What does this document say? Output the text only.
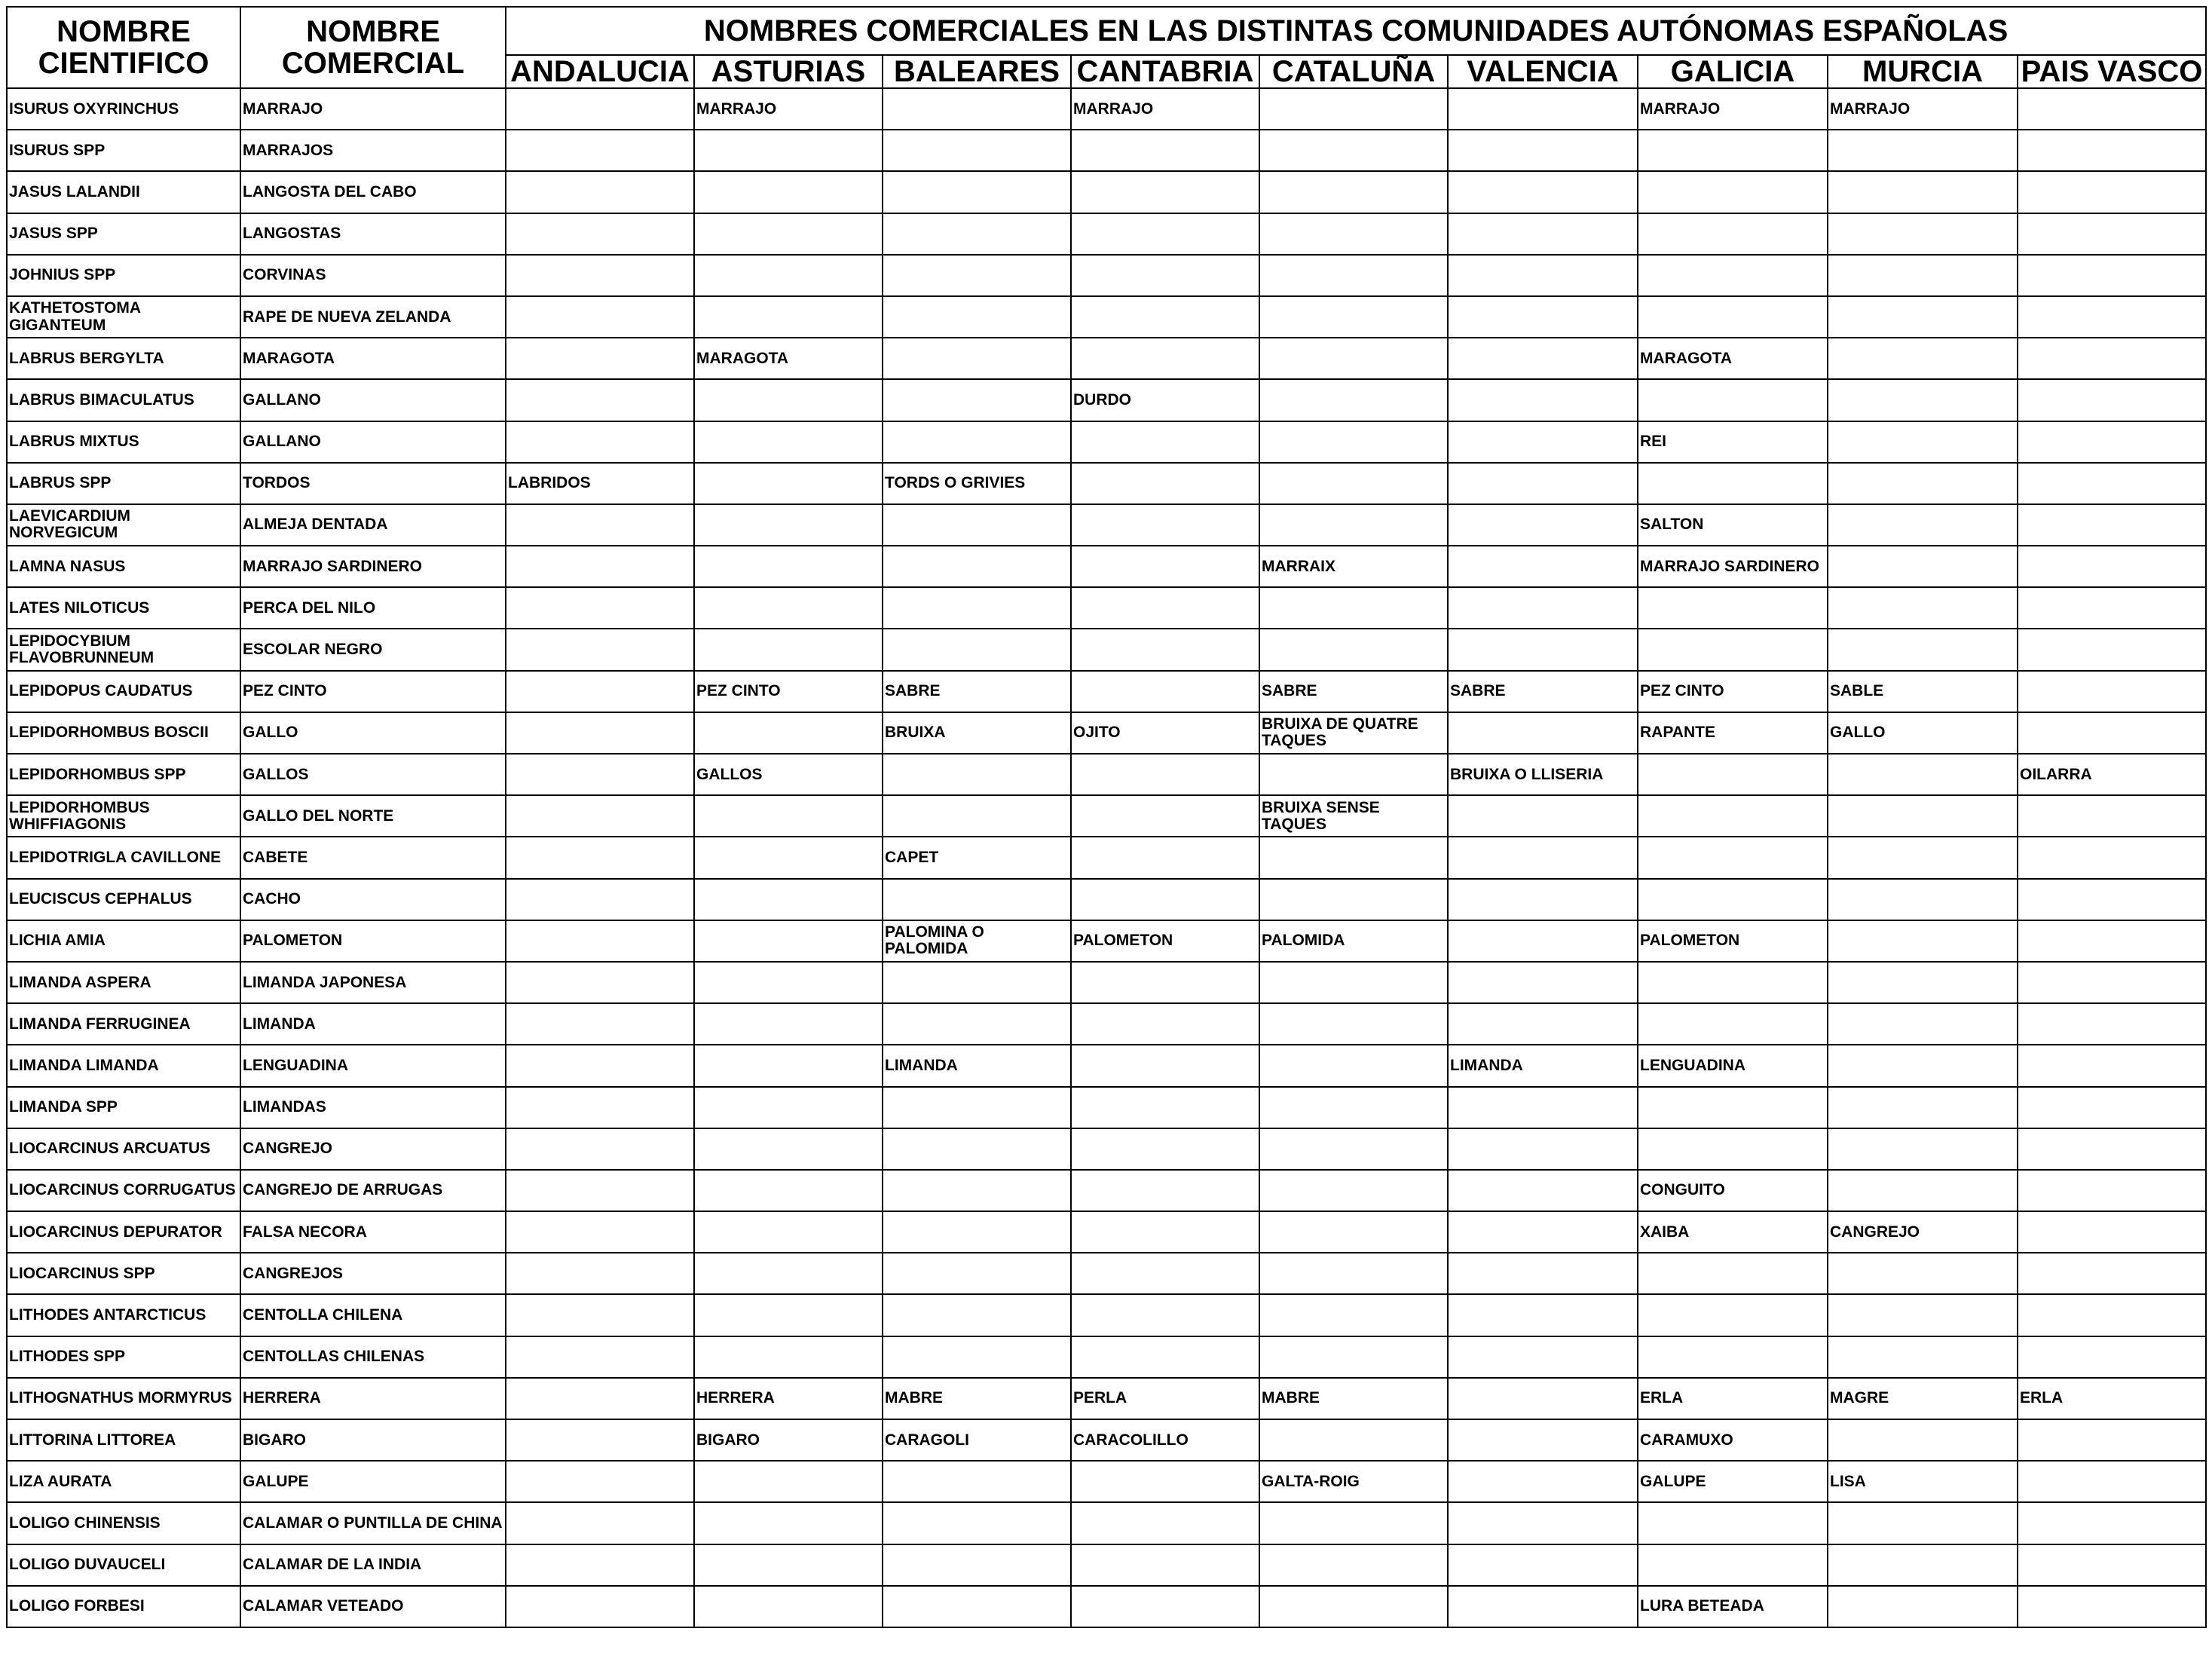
NOMBRE CIENTIFICO	NOMBRE COMERCIAL	NOMBRES COMERCIALES EN LAS DISTINTAS COMUNIDADES AUTÓNOMAS ESPAÑOLAS								
		ANDALUCIA	ASTURIAS	BALEARES	CANTABRIA	CATALUÑA	VALENCIA	GALICIA	MURCIA	PAIS VASCO
ISURUS OXYRINCHUS	MARRAJO		MARRAJO		MARRAJO			MARRAJO	MARRAJO	
ISURUS SPP	MARRAJOS									
JASUS LALANDII	LANGOSTA DEL CABO									
JASUS SPP	LANGOSTAS									
JOHNIUS SPP	CORVINAS									
KATHETOSTOMA GIGANTEUM	RAPE DE NUEVA ZELANDA									
LABRUS BERGYLTA	MARAGOTA		MARAGOTA					MARAGOTA		
LABRUS BIMACULATUS	GALLANO				DURDO					
LABRUS MIXTUS	GALLANO							REI		
LABRUS SPP	TORDOS	LABRIDOS		TORDS O GRIVIES						
LAEVICARDIUM NORVEGICUM	ALMEJA DENTADA							SALTON		
LAMNA NASUS	MARRAJO SARDINERO					MARRAIX		MARRAJO SARDINERO		
LATES NILOTICUS	PERCA DEL NILO									
LEPIDOCYBIUM FLAVOBRUNNEUM	ESCOLAR NEGRO									
LEPIDOPUS CAUDATUS	PEZ CINTO		PEZ CINTO	SABRE		SABRE	SABRE	PEZ CINTO	SABLE	
LEPIDORHOMBUS BOSCII	GALLO			BRUIXA	OJITO	BRUIXA DE QUATRE TAQUES		RAPANTE	GALLO	
LEPIDORHOMBUS SPP	GALLOS		GALLOS				BRUIXA O LLISERIA			OILARRA
LEPIDORHOMBUS WHIFFIAGONIS	GALLO DEL NORTE					BRUIXA SENSE TAQUES				
LEPIDOTRIGLA CAVILLONE	CABETE			CAPET						
LEUCISCUS CEPHALUS	CACHO									
LICHIA AMIA	PALOMETON			PALOMINA O PALOMIDA	PALOMETON	PALOMIDA		PALOMETON		
LIMANDA ASPERA	LIMANDA JAPONESA									
LIMANDA FERRUGINEA	LIMANDA									
LIMANDA LIMANDA	LENGUADINA			LIMANDA			LIMANDA	LENGUADINA		
LIMANDA SPP	LIMANDAS									
LIOCARCINUS ARCUATUS	CANGREJO									
LIOCARCINUS CORRUGATUS	CANGREJO DE ARRUGAS							CONGUITO		
LIOCARCINUS DEPURATOR	FALSA NECORA							XAIBA	CANGREJO	
LIOCARCINUS SPP	CANGREJOS									
LITHODES ANTARCTICUS	CENTOLLA CHILENA									
LITHODES SPP	CENTOLLAS CHILENAS									
LITHOGNATHUS MORMYRUS	HERRERA		HERRERA	MABRE	PERLA	MABRE		ERLA	MAGRE	ERLA
LITTORINA LITTOREA	BIGARO		BIGARO	CARAGOLI	CARACOLILLO			CARAMUXO		
LIZA AURATA	GALUPE					GALTA-ROIG		GALUPE	LISA	
LOLIGO CHINENSIS	CALAMAR O PUNTILLA DE CHINA									
LOLIGO DUVAUCELI	CALAMAR DE LA INDIA									
LOLIGO FORBESI	CALAMAR VETEADO							LURA BETEADA		
